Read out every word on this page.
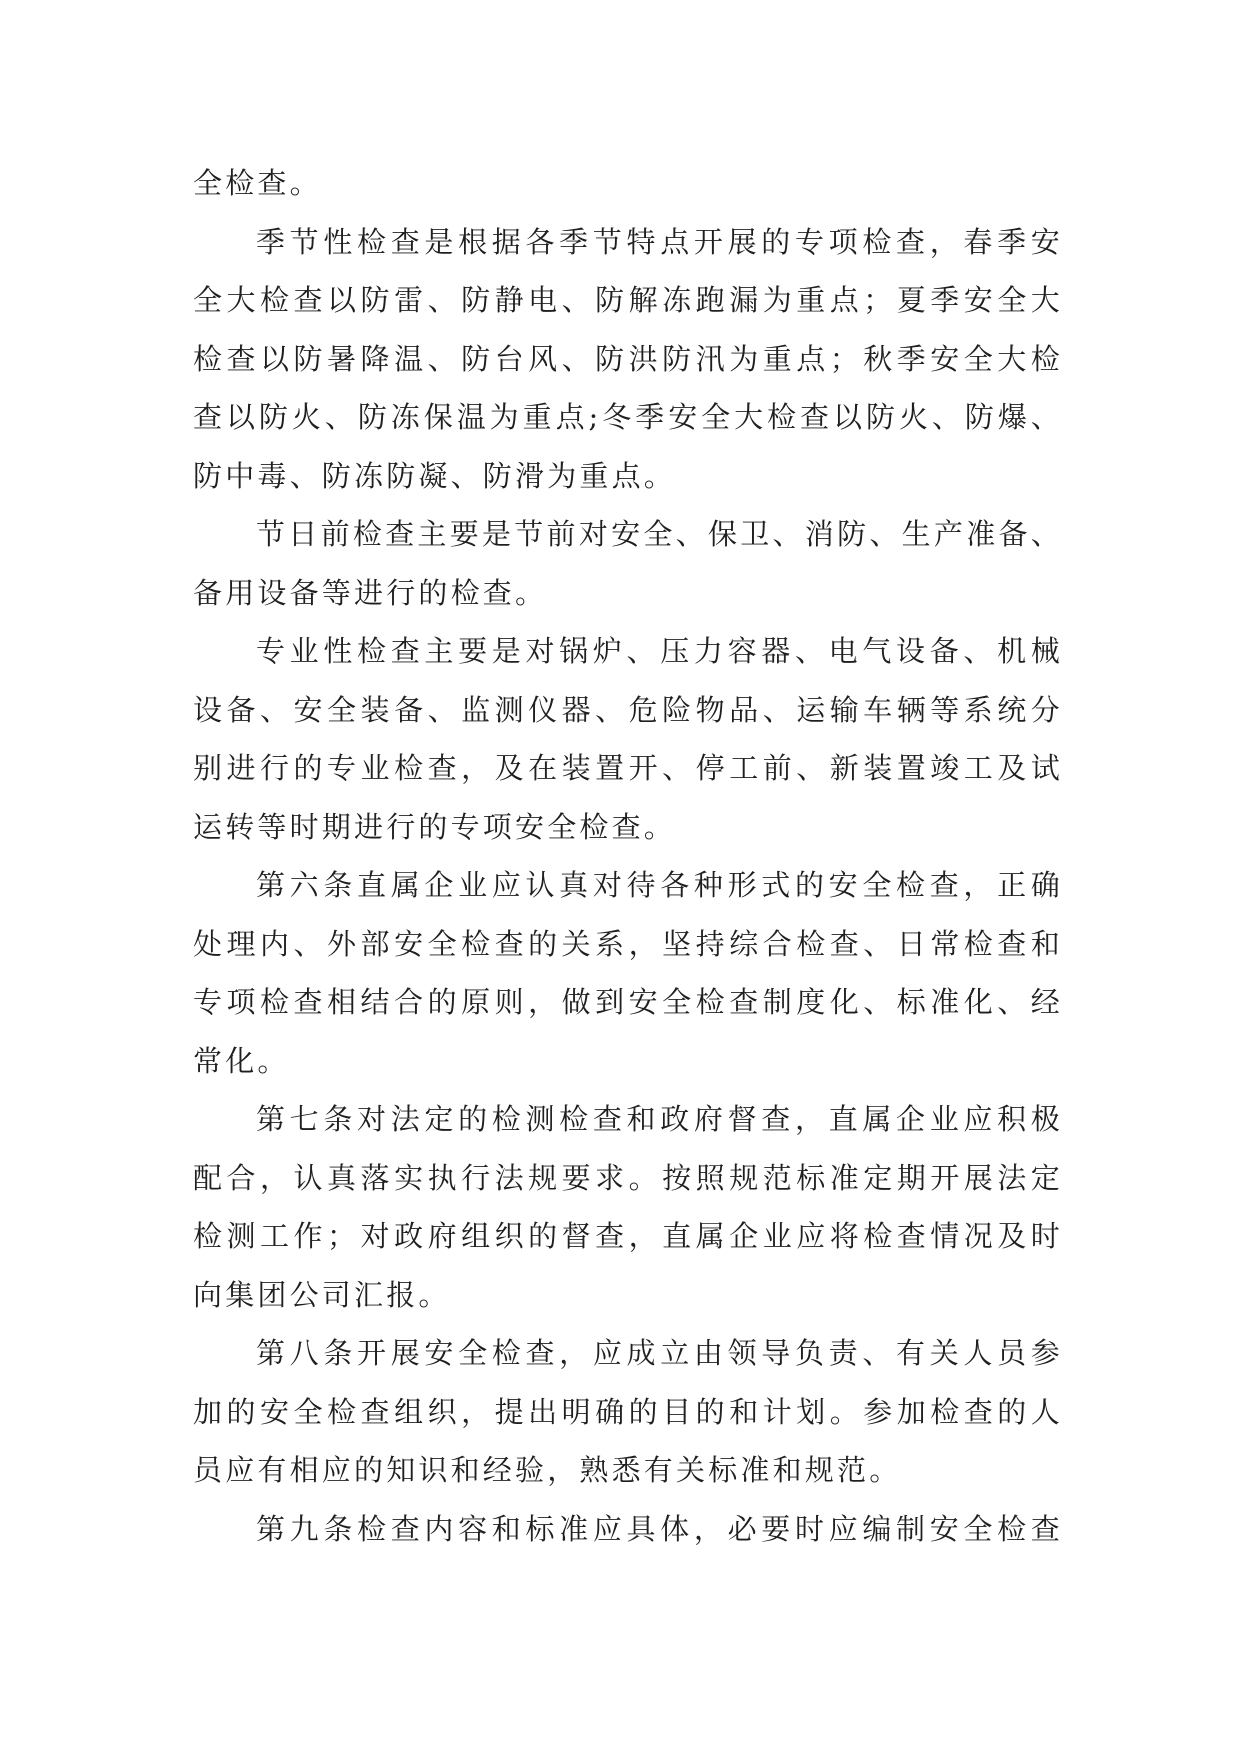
全检查。
季节性检查是根据各季节特点开展的专项检查，春季安
全大检查以防雷、防静电、防解冻跑漏为重点；夏季安全大
检查以防暑降温、防台风、防洪防汛为重点；秋季安全大检
查以防火、防冻保温为重点;冬季安全大检查以防火、防爆、
防中毒、防冻防凝、防滑为重点。
节日前检查主要是节前对安全、保卫、消防、生产准备、
备用设备等进行的检查。
专业性检查主要是对锅炉、压力容器、电气设备、机械
设备、安全装备、监测仪器、危险物品、运输车辆等系统分
别进行的专业检查，及在装置开、停工前、新装置竣工及试
运转等时期进行的专项安全检查。
第六条直属企业应认真对待各种形式的安全检查，正确
处理内、外部安全检查的关系，坚持综合检查、日常检查和
专项检查相结合的原则，做到安全检查制度化、标准化、经
常化。
第七条对法定的检测检查和政府督查，直属企业应积极
配合，认真落实执行法规要求。按照规范标准定期开展法定
检测工作；对政府组织的督查，直属企业应将检查情况及时
向集团公司汇报。
第八条开展安全检查，应成立由领导负责、有关人员参
加的安全检查组织，提出明确的目的和计划。参加检查的人
员应有相应的知识和经验，熟悉有关标准和规范。
第九条检查内容和标准应具体，必要时应编制安全检查
